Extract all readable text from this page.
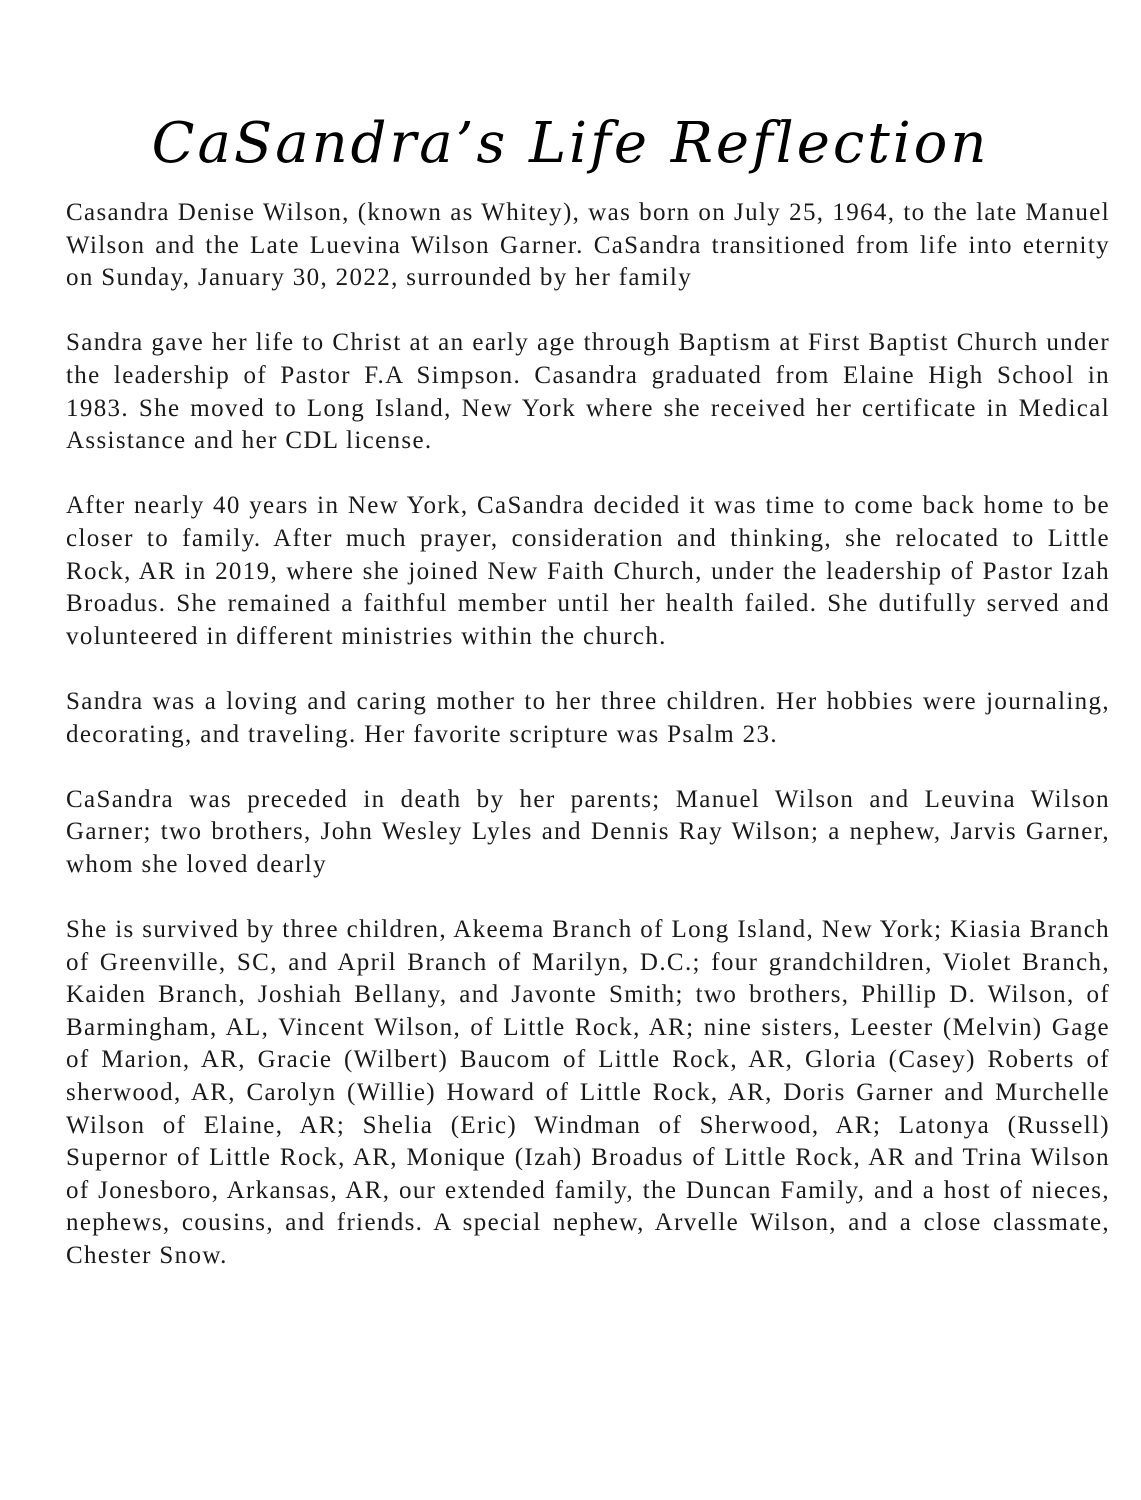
CaSandra’s Life Reflection

Casandra Denise Wilson, (known as Whitey), was born on July 25, 1964, to the late Manuel Wilson and the Late Luevina Wilson Garner. CaSandra transitioned from life into eternity on Sunday, January 30, 2022, surrounded by her family

Sandra gave her life to Christ at an early age through Baptism at First Baptist Church under the leadership of Pastor F.A Simpson. Casandra graduated from Elaine High School in 1983. She moved to Long Island, New York where she received her certificate in Medical Assistance and her CDL license.

After nearly 40 years in New York, CaSandra decided it was time to come back home to be closer to family. After much prayer, consideration and thinking, she relocated to Little Rock, AR in 2019, where she joined New Faith Church, under the leadership of Pastor Izah Broadus. She remained a faithful member until her health failed. She dutifully served and volunteered in different ministries within the church.

Sandra was a loving and caring mother to her three children. Her hobbies were journaling, decorating, and traveling. Her favorite scripture was Psalm 23.

CaSandra was preceded in death by her parents; Manuel Wilson and Leuvina Wilson Garner; two brothers, John Wesley Lyles and Dennis Ray Wilson; a nephew, Jarvis Garner, whom she loved dearly

She is survived by three children, Akeema Branch of Long Island, New York; Kiasia Branch of Greenville, SC, and April Branch of Marilyn, D.C.; four grandchildren, Violet Branch, Kaiden Branch, Joshiah Bellany, and Javonte Smith; two brothers, Phillip D. Wilson, of Barmingham, AL, Vincent Wilson, of Little Rock, AR; nine sisters, Leester (Melvin) Gage of Marion, AR, Gracie (Wilbert) Baucom of Little Rock, AR, Gloria (Casey) Roberts of sherwood, AR, Carolyn (Willie) Howard of Little Rock, AR, Doris Garner and Murchelle Wilson of Elaine, AR; Shelia (Eric) Windman of Sherwood, AR; Latonya (Russell) Supernor of Little Rock, AR, Monique (Izah) Broadus of Little Rock, AR and Trina Wilson of Jonesboro, Arkansas, AR, our extended family, the Duncan Family, and a host of nieces, nephews, cousins, and friends. A special nephew, Arvelle Wilson, and a close classmate, Chester Snow.
